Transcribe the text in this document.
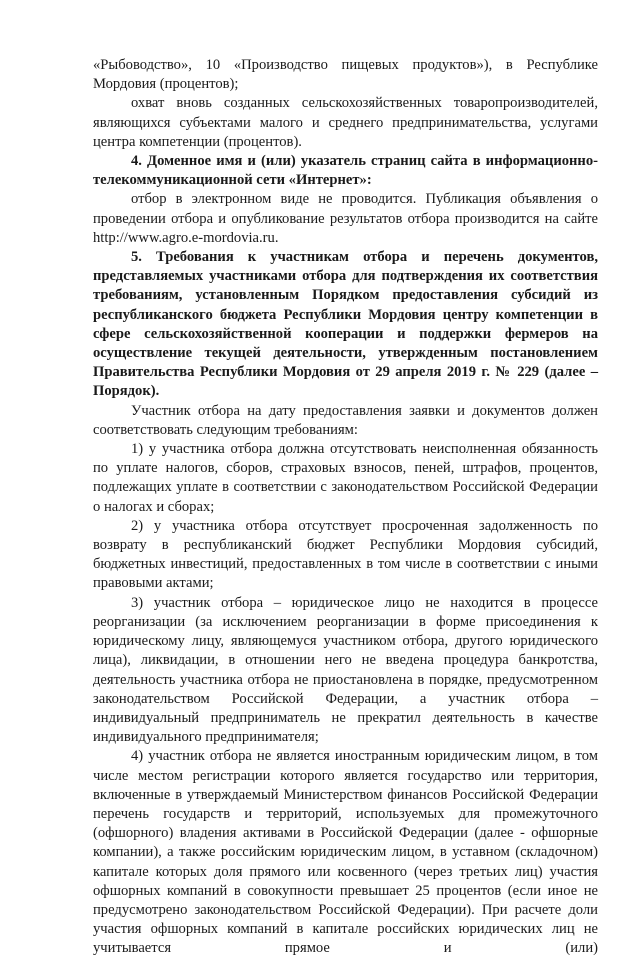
«Рыбоводство», 10 «Производство пищевых продуктов»), в Республике Мордовия (процентов);

охват вновь созданных сельскохозяйственных товаропроизводителей, являющихся субъектами малого и среднего предпринимательства, услугами центра компетенции (процентов).

4. Доменное имя и (или) указатель страниц сайта в информационно-телекоммуникационной сети «Интернет»:

отбор в электронном виде не проводится. Публикация объявления о проведении отбора и опубликование результатов отбора производится на сайте http://www.agro.e-mordovia.ru.

5. Требования к участникам отбора и перечень документов, представляемых участниками отбора для подтверждения их соответствия требованиям, установленным Порядком предоставления субсидий из республиканского бюджета Республики Мордовия центру компетенции в сфере сельскохозяйственной кооперации и поддержки фермеров на осуществление текущей деятельности, утвержденным постановлением Правительства Республики Мордовия от 29 апреля 2019 г. № 229 (далее – Порядок).

Участник отбора на дату предоставления заявки и документов должен соответствовать следующим требованиям:

1) у участника отбора должна отсутствовать неисполненная обязанность по уплате налогов, сборов, страховых взносов, пеней, штрафов, процентов, подлежащих уплате в соответствии с законодательством Российской Федерации о налогах и сборах;

2) у участника отбора отсутствует просроченная задолженность по возврату в республиканский бюджет Республики Мордовия субсидий, бюджетных инвестиций, предоставленных в том числе в соответствии с иными правовыми актами;

3) участник отбора – юридическое лицо не находится в процессе реорганизации (за исключением реорганизации в форме присоединения к юридическому лицу, являющемуся участником отбора, другого юридического лица), ликвидации, в отношении него не введена процедура банкротства, деятельность участника отбора не приостановлена в порядке, предусмотренном законодательством Российской Федерации, а участник отбора – индивидуальный предприниматель не прекратил деятельность в качестве индивидуального предпринимателя;

4) участник отбора не является иностранным юридическим лицом, в том числе местом регистрации которого является государство или территория, включенные в утверждаемый Министерством финансов Российской Федерации перечень государств и территорий, используемых для промежуточного (офшорного) владения активами в Российской Федерации (далее - офшорные компании), а также российским юридическим лицом, в уставном (складочном) капитале которых доля прямого или косвенного (через третьих лиц) участия офшорных компаний в совокупности превышает 25 процентов (если иное не предусмотрено законодательством Российской Федерации). При расчете доли участия офшорных компаний в капитале российских юридических лиц не учитывается прямое и (или)
